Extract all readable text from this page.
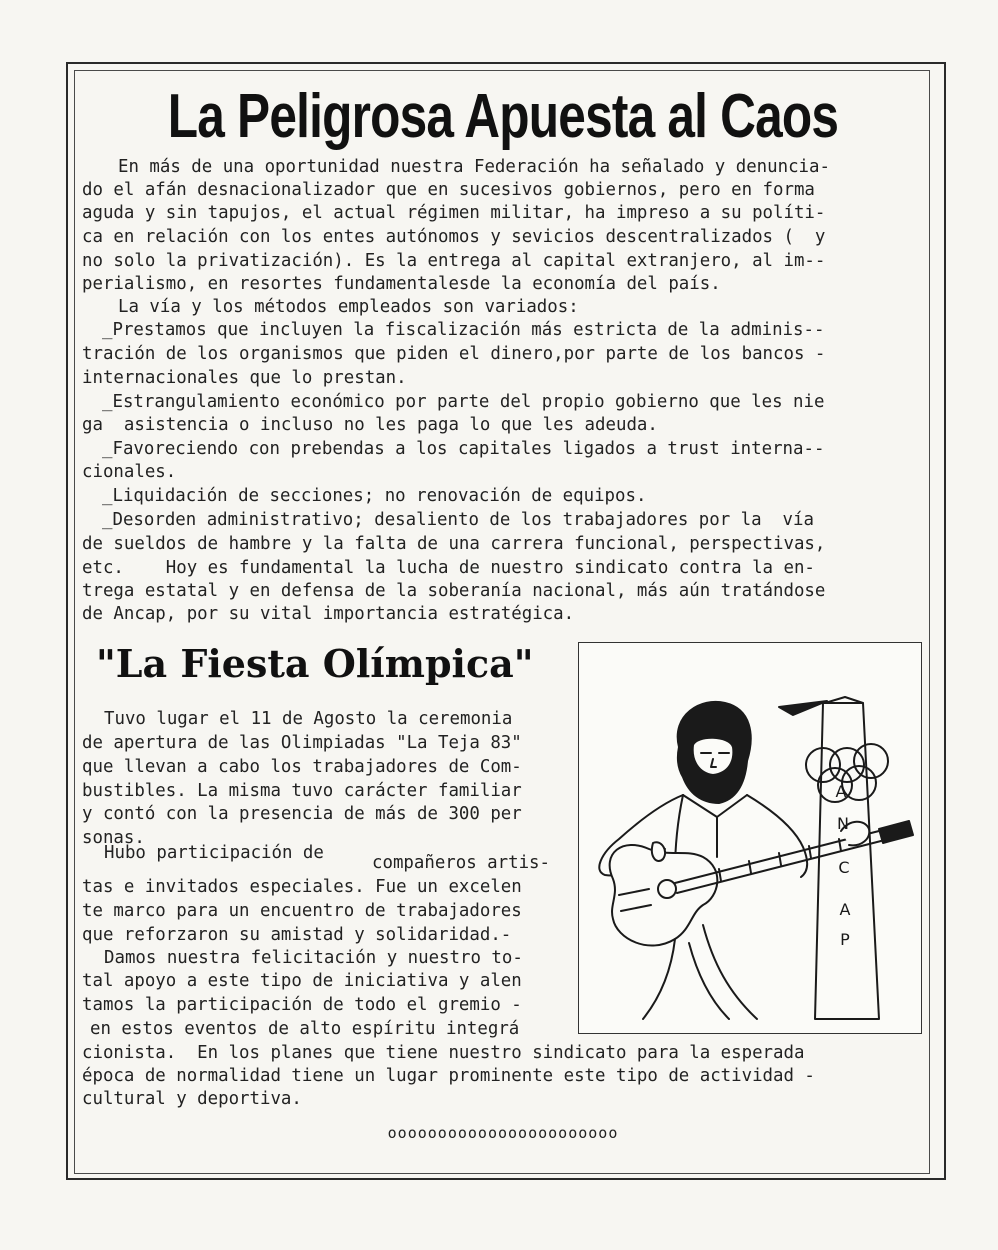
La Peligrosa Apuesta al Caos
En más de una oportunidad nuestra Federación ha señalado y denuncia-
do el afán desnacionalizador que en sucesivos gobiernos, pero en forma
aguda y sin tapujos, el actual régimen militar, ha impreso a su políti-
ca en relación con los entes autónomos y sevicios descentralizados (  y
no solo la privatización). Es la entrega al capital extranjero, al im--
perialismo, en resortes fundamentalesde la economía del país.
La vía y los métodos empleados son variados:
_Prestamos que incluyen la fiscalización más estricta de la adminis--
tración de los organismos que piden el dinero,por parte de los bancos -
internacionales que lo prestan.
_Estrangulamiento económico por parte del propio gobierno que les nie
ga  asistencia o incluso no les paga lo que les adeuda.
_Favoreciendo con prebendas a los capitales ligados a trust interna--
cionales.
_Liquidación de secciones; no renovación de equipos.
_Desorden administrativo; desaliento de los trabajadores por la  vía
de sueldos de hambre y la falta de una carrera funcional, perspectivas,
etc.    Hoy es fundamental la lucha de nuestro sindicato contra la en-
trega estatal y en defensa de la soberanía nacional, más aún tratándose
de Ancap, por su vital importancia estratégica.
"La Fiesta Olímpica"
Tuvo lugar el 11 de Agosto la ceremonia
de apertura de las Olimpiadas "La Teja 83"
que llevan a cabo los trabajadores de Com-
bustibles. La misma tuvo carácter familiar
y contó con la presencia de más de 300 per
sonas.
Hubo participación de	compañeros artis-
tas e invitados especiales. Fue un excelen
te marco para un encuentro de trabajadores
que reforzaron su amistad y solidaridad.-
Damos nuestra felicitación y nuestro to-
tal apoyo a este tipo de iniciativa y alen
tamos la participación de todo el gremio -
en estos eventos de alto espíritu integrá
cionista.  En los planes que tiene nuestro sindicato para la esperada
época de normalidad tiene un lugar prominente este tipo de actividad -
cultural y deportiva.
A
N
C
A
P
ooooooooooooooooooooooo
